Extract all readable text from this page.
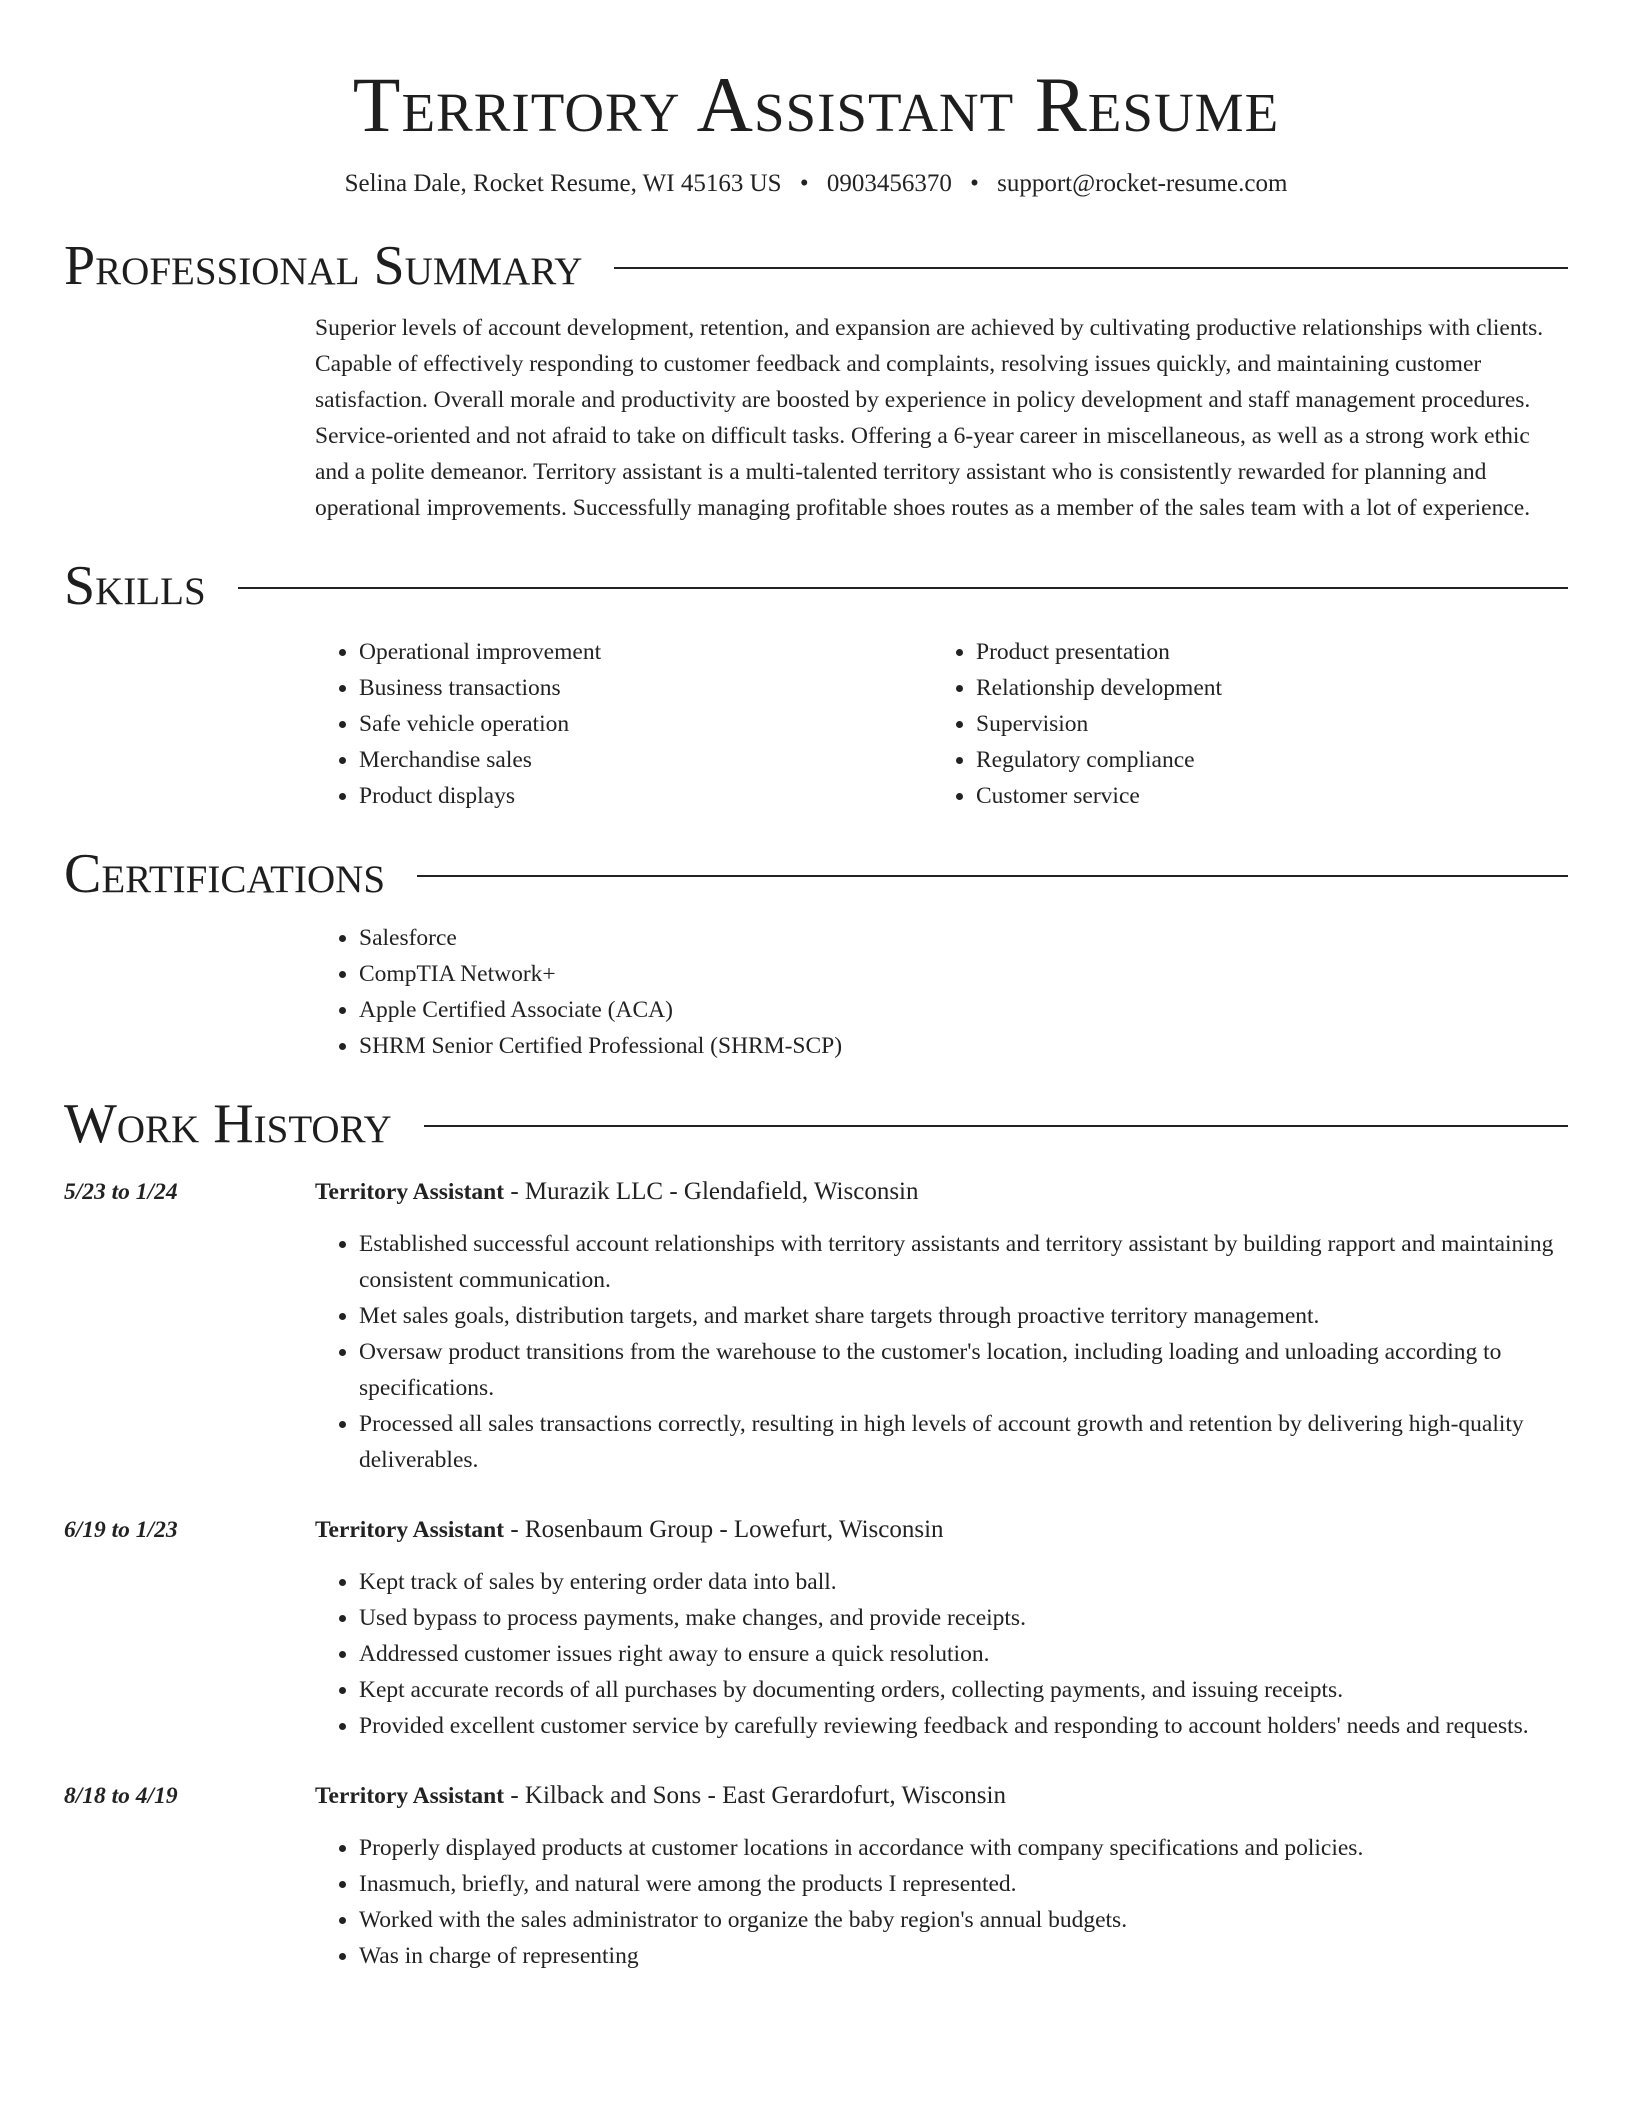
Territory Assistant Resume
Selina Dale, Rocket Resume, WI 45163 US • 0903456370 • support@rocket-resume.com
Professional Summary
Superior levels of account development, retention, and expansion are achieved by cultivating productive relationships with clients. Capable of effectively responding to customer feedback and complaints, resolving issues quickly, and maintaining customer satisfaction. Overall morale and productivity are boosted by experience in policy development and staff management procedures. Service-oriented and not afraid to take on difficult tasks. Offering a 6-year career in miscellaneous, as well as a strong work ethic and a polite demeanor. Territory assistant is a multi-talented territory assistant who is consistently rewarded for planning and operational improvements. Successfully managing profitable shoes routes as a member of the sales team with a lot of experience.
Skills
• Operational improvement
• Business transactions
• Safe vehicle operation
• Merchandise sales
• Product displays
• Product presentation
• Relationship development
• Supervision
• Regulatory compliance
• Customer service
Certifications
• Salesforce
• CompTIA Network+
• Apple Certified Associate (ACA)
• SHRM Senior Certified Professional (SHRM-SCP)
Work History
5/23 to 1/24	Territory Assistant - Murazik LLC - Glendafield, Wisconsin
• Established successful account relationships with territory assistants and territory assistant by building rapport and maintaining consistent communication.
• Met sales goals, distribution targets, and market share targets through proactive territory management.
• Oversaw product transitions from the warehouse to the customer's location, including loading and unloading according to specifications.
• Processed all sales transactions correctly, resulting in high levels of account growth and retention by delivering high-quality deliverables.
6/19 to 1/23	Territory Assistant - Rosenbaum Group - Lowefurt, Wisconsin
• Kept track of sales by entering order data into ball.
• Used bypass to process payments, make changes, and provide receipts.
• Addressed customer issues right away to ensure a quick resolution.
• Kept accurate records of all purchases by documenting orders, collecting payments, and issuing receipts.
• Provided excellent customer service by carefully reviewing feedback and responding to account holders' needs and requests.
8/18 to 4/19	Territory Assistant - Kilback and Sons - East Gerardofurt, Wisconsin
• Properly displayed products at customer locations in accordance with company specifications and policies.
• Inasmuch, briefly, and natural were among the products I represented.
• Worked with the sales administrator to organize the baby region's annual budgets.
• Was in charge of representing
